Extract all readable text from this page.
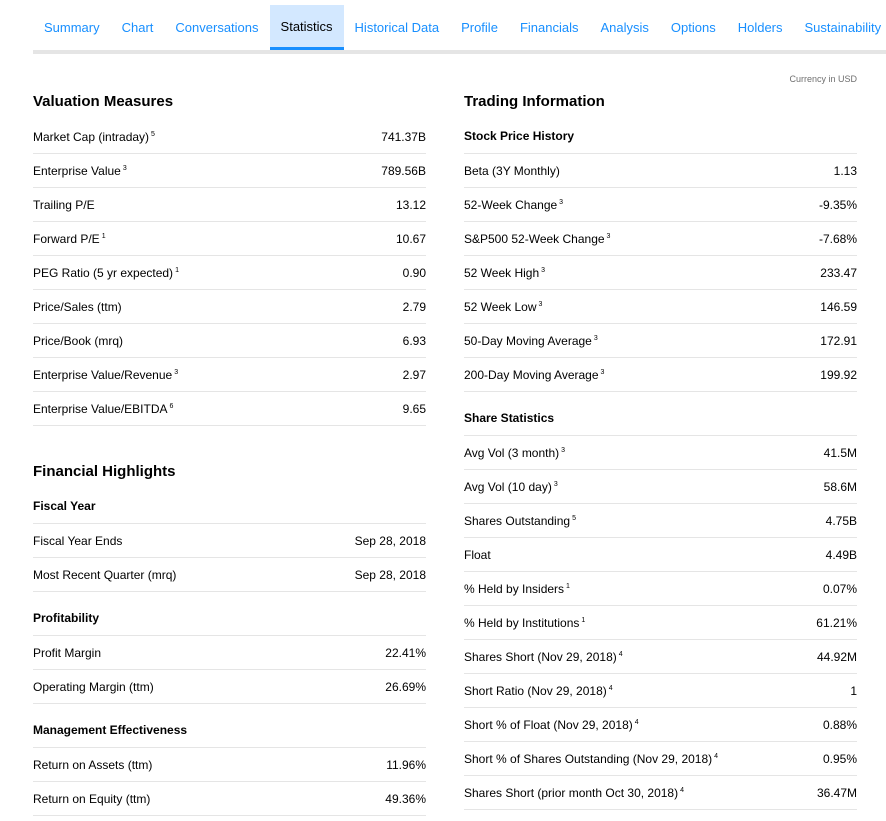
Summary	Chart	Conversations	Statistics	Historical Data	Profile	Financials	Analysis	Options	Holders	Sustainability
Currency in USD
Valuation Measures
Market Cap (intraday) $^5$	741.37B
Enterprise Value $^3$	789.56B
Trailing P/E	13.12
Forward P/E $^1$	10.67
PEG Ratio (5 yr expected) $^1$	0.90
Price/Sales (ttm)	2.79
Price/Book (mrq)	6.93
Enterprise Value/Revenue $^3$	2.97
Enterprise Value/EBITDA $^6$	9.65
Financial Highlights
Fiscal Year
Fiscal Year Ends	Sep 28, 2018
Most Recent Quarter (mrq)	Sep 28, 2018
Profitability
Profit Margin	22.41%
Operating Margin (ttm)	26.69%
Management Effectiveness
Return on Assets (ttm)	11.96%
Return on Equity (ttm)	49.36%
Trading Information
Stock Price History
Beta (3Y Monthly)	1.13
52-Week Change $^3$	-9.35%
S&P500 52-Week Change $^3$	-7.68%
52 Week High $^3$	233.47
52 Week Low $^3$	146.59
50-Day Moving Average $^3$	172.91
200-Day Moving Average $^3$	199.92
Share Statistics
Avg Vol (3 month) $^3$	41.5M
Avg Vol (10 day) $^3$	58.6M
Shares Outstanding $^5$	4.75B
Float	4.49B
% Held by Insiders $^1$	0.07%
% Held by Institutions $^1$	61.21%
Shares Short (Nov 29, 2018) $^4$	44.92M
Short Ratio (Nov 29, 2018) $^4$	1
Short % of Float (Nov 29, 2018) $^4$	0.88%
Short % of Shares Outstanding (Nov 29, 2018) $^4$	0.95%
Shares Short (prior month Oct 30, 2018) $^4$	36.47M
